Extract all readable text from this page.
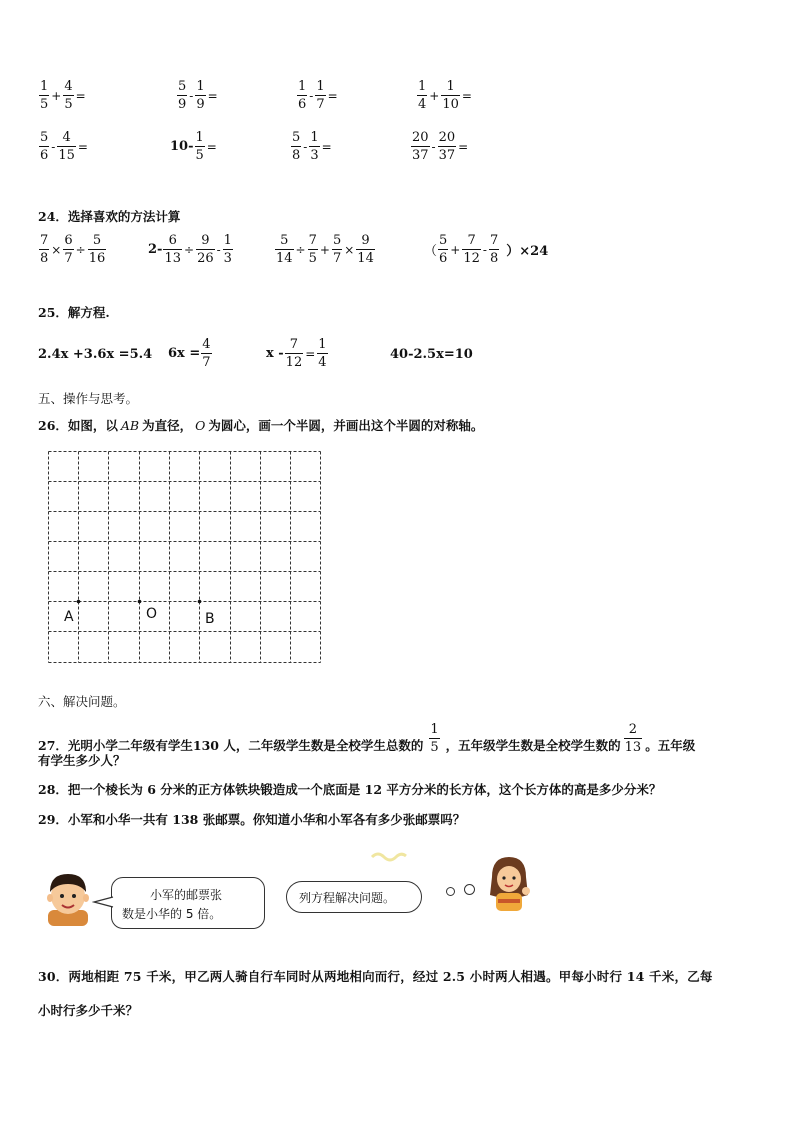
$\frac{1}{5} + \frac{4}{5}$ =	$\frac{5}{9} - \frac{1}{9}$ =	$\frac{1}{6} - \frac{1}{7}$ =	$\frac{1}{4} + \frac{1}{10}$ =
$\frac{5}{6} - \frac{4}{15}$ =	$10- \frac{1}{5}$ =	$\frac{5}{8} - \frac{1}{3}$ =	$\frac{20}{37} - \frac{20}{37}$ =
24．选择喜欢的方法计算
$\frac{7}{8} \times \frac{6}{7} \div \frac{5}{16}$	$2- \frac{6}{13} \div \frac{9}{26} - \frac{1}{3}$	$\frac{5}{14} \div \frac{7}{5} + \frac{5}{7} \times \frac{9}{14}$	（ $\frac{5}{6} + \frac{7}{12} - \frac{7}{8} )\times 24$
25．解方程.
2.4x +3.6x =5.4 $6x = \frac{4}{7}$	$x - \frac{7}{12} = \frac{1}{4}$	40-2.5x=10
五、操作与思考。
26．如图，以 AB 为直径， O 为圆心，画一个半圆，并画出这个半圆的对称轴。
A	O	B
六、解决问题。
27．光明小学二年级有学生130 人，二年级学生数是全校学生总数的 $\frac{1}{5}$ ，五年级学生数是全校学生数的 $\frac{2}{13}$ 。五年级
有学生多少人？
28．把一个棱长为 6 分米的正方体铁块锻造成一个底面是 12 平方分米的长方体，这个长方体的高是多少分米？
29．小军和小华一共有 138 张邮票。你知道小华和小军各有多少张邮票吗？
小军的邮票张
数是小华的 5 倍。
列方程解决问题。
30．两地相距 75 千米，甲乙两人骑自行车同时从两地相向而行，经过 2.5 小时两人相遇。甲每小时行 14 千米，乙每
小时行多少千米？
